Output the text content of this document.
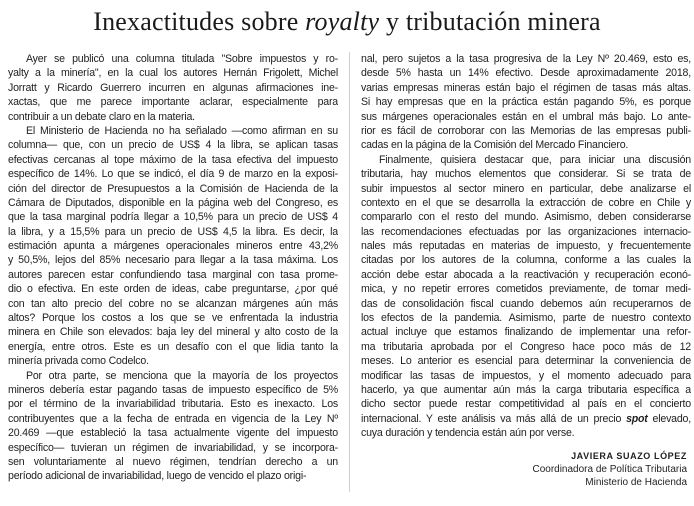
Inexactitudes sobre royalty y tributación minera
Ayer se publicó una columna titulada "Sobre impuestos y ro-
yalty a la minería", en la cual los autores Hernán Frigolett, Michel
Jorratt y Ricardo Guerrero incurren en algunas afirmaciones ine-
xactas, que me parece importante aclarar, especialmente para
contribuir a un debate claro en la materia.
El Ministerio de Hacienda no ha señalado —como afirman en su
columna— que, con un precio de US$ 4 la libra, se aplican tasas
efectivas cercanas al tope máximo de la tasa efectiva del impuesto
específico de 14%. Lo que se indicó, el día 9 de marzo en la exposi-
ción del director de Presupuestos a la Comisión de Hacienda de la
Cámara de Diputados, disponible en la página web del Congreso, es
que la tasa marginal podría llegar a 10,5% para un precio de US$ 4
la libra, y a 15,5% para un precio de US$ 4,5 la libra. Es decir, la
estimación apunta a márgenes operacionales mineros entre 43,2%
y 50,5%, lejos del 85% necesario para llegar a la tasa máxima. Los
autores parecen estar confundiendo tasa marginal con tasa prome-
dio o efectiva. En este orden de ideas, cabe preguntarse, ¿por qué
con tan alto precio del cobre no se alcanzan márgenes aún más
altos? Porque los costos a los que se ve enfrentada la industria
minera en Chile son elevados: baja ley del mineral y alto costo de la
energía, entre otros. Este es un desafío con el que lidia tanto la
minería privada como Codelco.
Por otra parte, se menciona que la mayoría de los proyectos
mineros debería estar pagando tasas de impuesto específico de 5%
por el término de la invariabilidad tributaria. Esto es inexacto. Los
contribuyentes que a la fecha de entrada en vigencia de la Ley Nº
20.469 —que estableció la tasa actualmente vigente del impuesto
específico— tuvieran un régimen de invariabilidad, y se incorpora-
sen voluntariamente al nuevo régimen, tendrían derecho a un
período adicional de invariabilidad, luego de vencido el plazo origi-
nal, pero sujetos a la tasa progresiva de la Ley Nº 20.469, esto es,
desde 5% hasta un 14% efectivo. Desde aproximadamente 2018,
varias empresas mineras están bajo el régimen de tasas más altas.
Si hay empresas que en la práctica están pagando 5%, es porque
sus márgenes operacionales están en el umbral más bajo. Lo ante-
rior es fácil de corroborar con las Memorias de las empresas publi-
cadas en la página de la Comisión del Mercado Financiero.
Finalmente, quisiera destacar que, para iniciar una discusión
tributaria, hay muchos elementos que considerar. Si se trata de
subir impuestos al sector minero en particular, debe analizarse el
contexto en el que se desarrolla la extracción de cobre en Chile y
compararlo con el resto del mundo. Asimismo, deben considerarse
las recomendaciones efectuadas por las organizaciones internacio-
nales más reputadas en materias de impuesto, y frecuentemente
citadas por los autores de la columna, conforme a las cuales la
acción debe estar abocada a la reactivación y recuperación econó-
mica, y no repetir errores cometidos previamente, de tomar medi-
das de consolidación fiscal cuando debemos aún recuperarnos de
los efectos de la pandemia. Asimismo, parte de nuestro contexto
actual incluye que estamos finalizando de implementar una refor-
ma tributaria aprobada por el Congreso hace poco más de 12
meses. Lo anterior es esencial para determinar la conveniencia de
modificar las tasas de impuestos, y el momento adecuado para
hacerlo, ya que aumentar aún más la carga tributaria específica a
dicho sector puede restar competitividad al país en el concierto
internacional. Y este análisis va más allá de un precio spot elevado,
cuya duración y tendencia están aún por verse.
JAVIERA SUAZO LÓPEZ
Coordinadora de Política Tributaria
Ministerio de Hacienda
